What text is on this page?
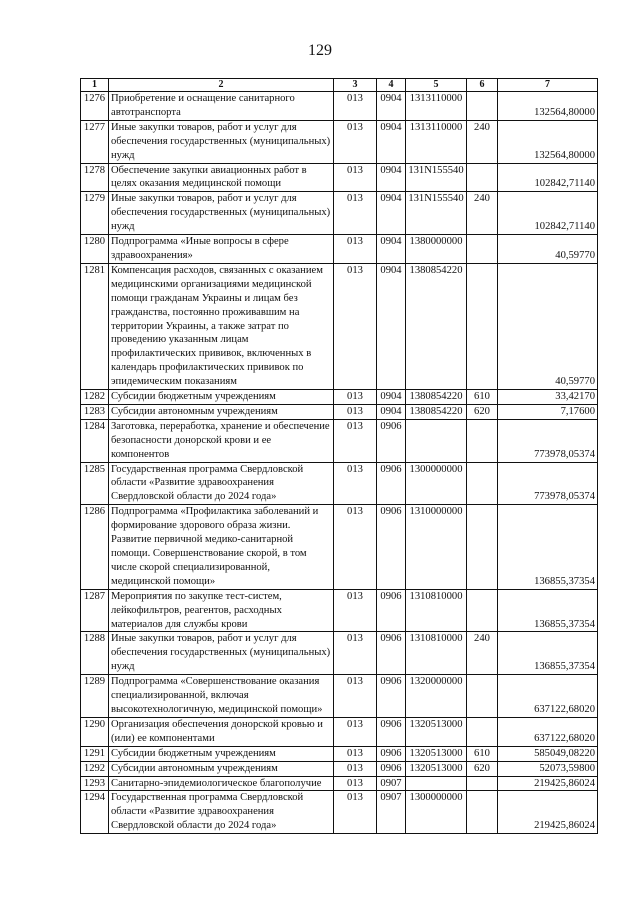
129
1	2	3	4	5	6	7
1276	Приобретение и оснащение санитарного автотранспорта	013	0904	1313110000		132564,80000
1277	Иные закупки товаров, работ и услуг для обеспечения государственных (муниципальных) нужд	013	0904	1313110000	240	132564,80000
1278	Обеспечение закупки авиационных работ в целях оказания медицинской помощи	013	0904	131N155540		102842,71140
1279	Иные закупки товаров, работ и услуг для обеспечения государственных (муниципальных) нужд	013	0904	131N155540	240	102842,71140
1280	Подпрограмма «Иные вопросы в сфере здравоохранения»	013	0904	1380000000		40,59770
1281	Компенсация расходов, связанных с оказанием медицинскими организациями медицинской помощи гражданам Украины и лицам без гражданства, постоянно проживавшим на территории Украины, а также затрат по проведению указанным лицам профилактических прививок, включенных в календарь профилактических прививок по эпидемическим показаниям	013	0904	1380854220		40,59770
1282	Субсидии бюджетным учреждениям	013	0904	1380854220	610	33,42170
1283	Субсидии автономным учреждениям	013	0904	1380854220	620	7,17600
1284	Заготовка, переработка, хранение и обеспечение безопасности донорской крови и ее компонентов	013	0906			773978,05374
1285	Государственная программа Свердловской области «Развитие здравоохранения Свердловской области до 2024 года»	013	0906	1300000000		773978,05374
1286	Подпрограмма «Профилактика заболеваний и формирование здорового образа жизни. Развитие первичной медико-санитарной помощи. Совершенствование скорой, в том числе скорой специализированной, медицинской помощи»	013	0906	1310000000		136855,37354
1287	Мероприятия по закупке тест-систем, лейкофильтров, реагентов, расходных материалов для службы крови	013	0906	1310810000		136855,37354
1288	Иные закупки товаров, работ и услуг для обеспечения государственных (муниципальных) нужд	013	0906	1310810000	240	136855,37354
1289	Подпрограмма «Совершенствование оказания специализированной, включая высокотехнологичную, медицинской помощи»	013	0906	1320000000		637122,68020
1290	Организация обеспечения донорской кровью и (или) ее компонентами	013	0906	1320513000		637122,68020
1291	Субсидии бюджетным учреждениям	013	0906	1320513000	610	585049,08220
1292	Субсидии автономным учреждениям	013	0906	1320513000	620	52073,59800
1293	Санитарно-эпидемиологическое благополучие	013	0907			219425,86024
1294	Государственная программа Свердловской области «Развитие здравоохранения Свердловской области до 2024 года»	013	0907	1300000000		219425,86024
